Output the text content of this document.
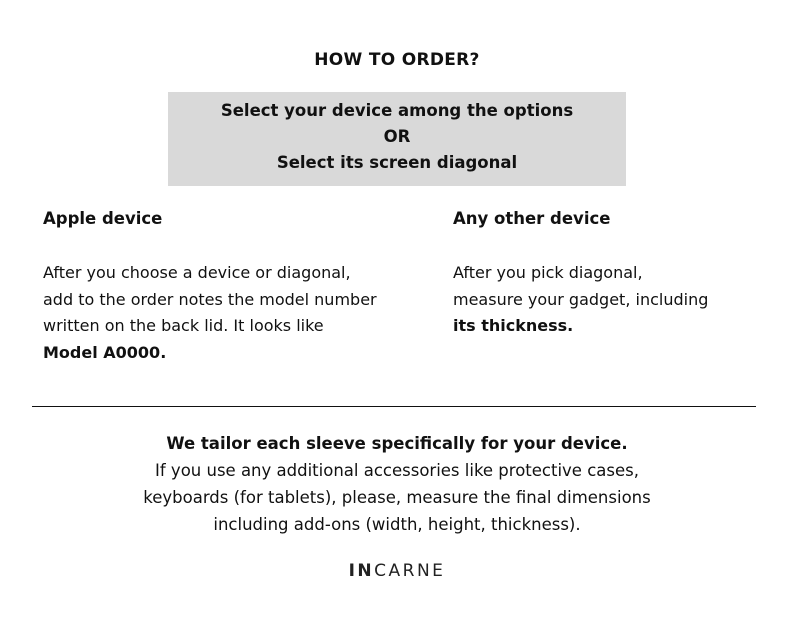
HOW TO ORDER?
Select your device among the options
OR
Select its screen diagonal
Apple device
After you choose a device or diagonal,
add to the order notes the model number
written on the back lid. It looks like
Model A0000.
Any other device
After you pick diagonal,
measure your gadget, including
its thickness.
We tailor each sleeve specifically for your device.
If you use any additional accessories like protective cases,
keyboards (for tablets), please, measure the final dimensions
including add-ons (width, height, thickness).
INCARNE
